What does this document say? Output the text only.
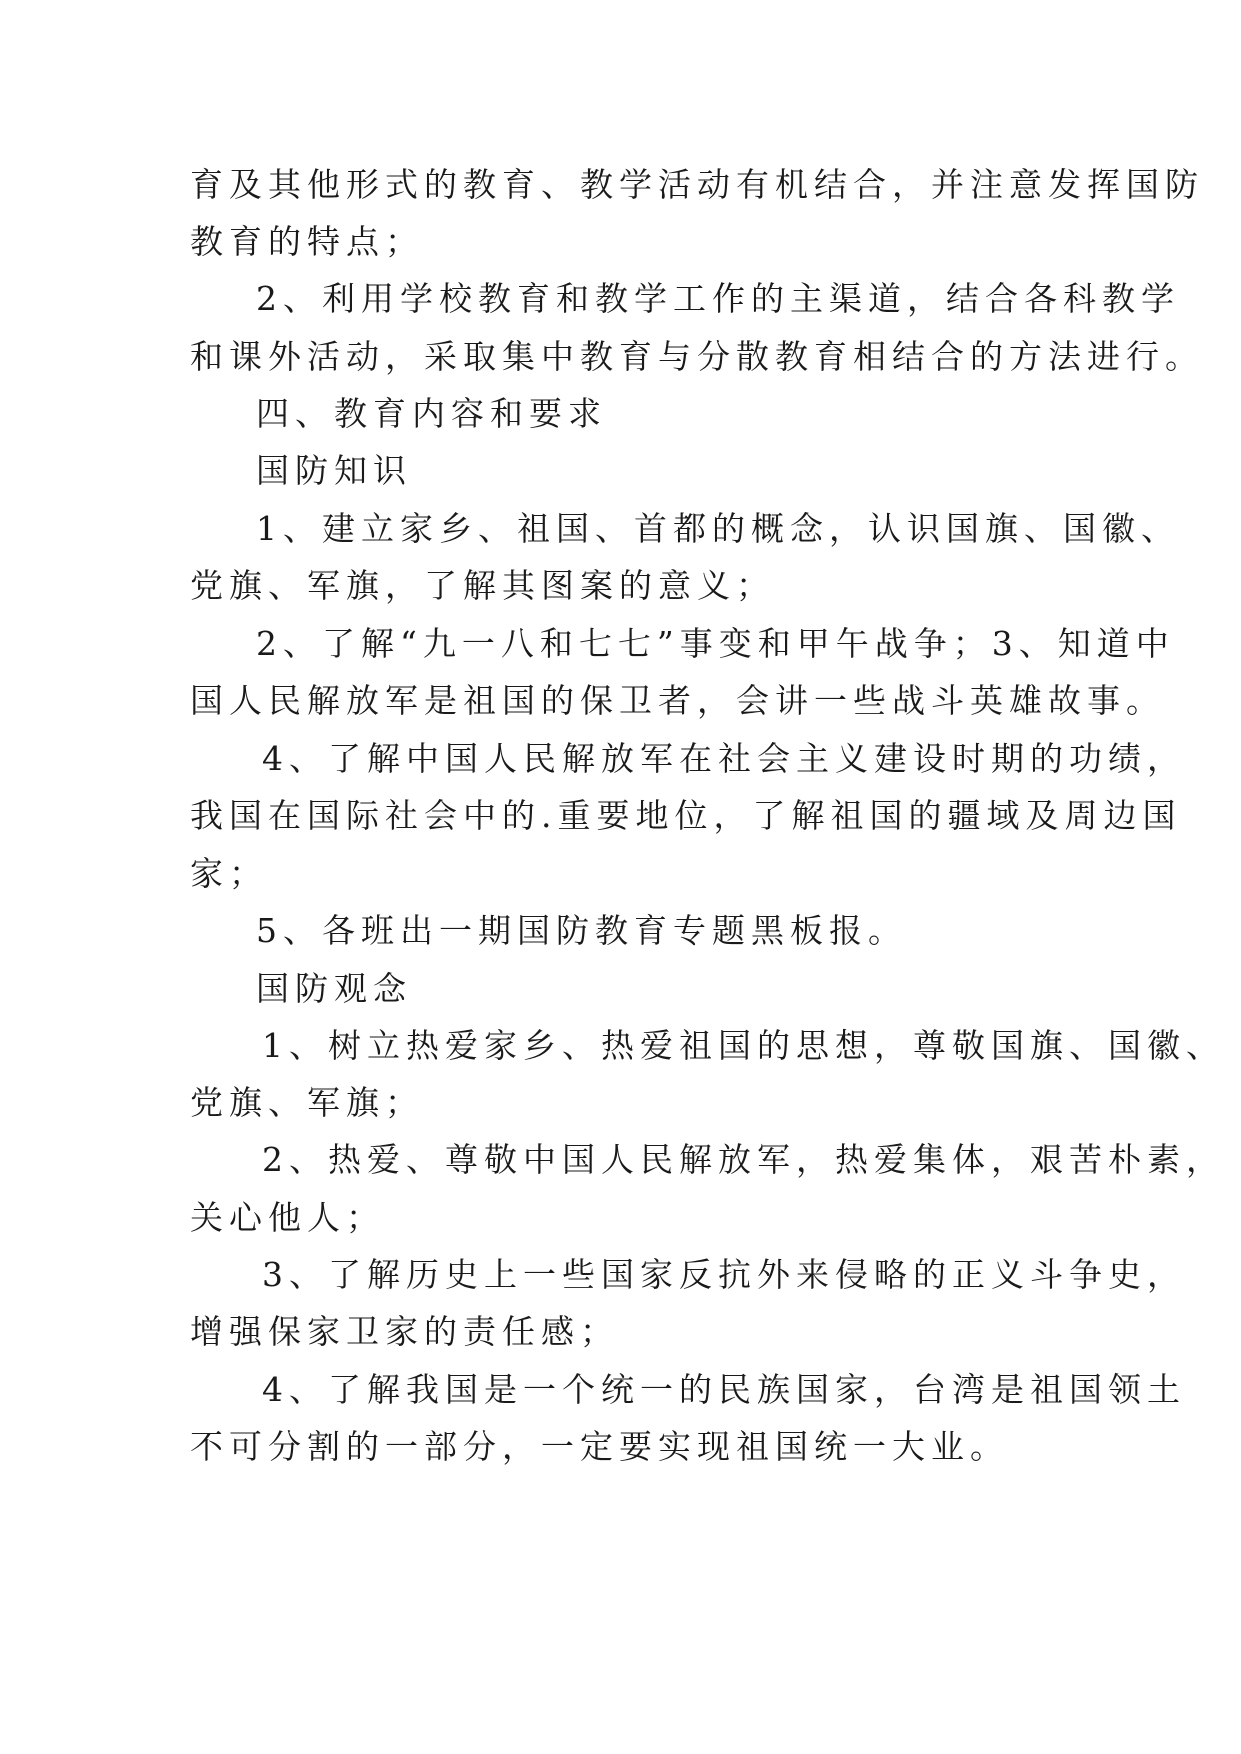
育及其他形式的教育、教学活动有机结合，并注意发挥国防
教育的特点；
2、利用学校教育和教学工作的主渠道，结合各科教学
和课外活动，采取集中教育与分散教育相结合的方法进行。
四、教育内容和要求
国防知识
1、建立家乡、祖国、首都的概念，认识国旗、国徽、
党旗、军旗，了解其图案的意义；
2、了解“九一八和七七”事变和甲午战争；3、知道中
国人民解放军是祖国的保卫者，会讲一些战斗英雄故事。
4、了解中国人民解放军在社会主义建设时期的功绩，
我国在国际社会中的.重要地位，了解祖国的疆域及周边国
家；
5、各班出一期国防教育专题黑板报。
国防观念
1、树立热爱家乡、热爱祖国的思想，尊敬国旗、国徽、
党旗、军旗；
2、热爱、尊敬中国人民解放军，热爱集体，艰苦朴素，
关心他人；
3、了解历史上一些国家反抗外来侵略的正义斗争史，
增强保家卫家的责任感；
4、了解我国是一个统一的民族国家，台湾是祖国领土
不可分割的一部分，一定要实现祖国统一大业。
